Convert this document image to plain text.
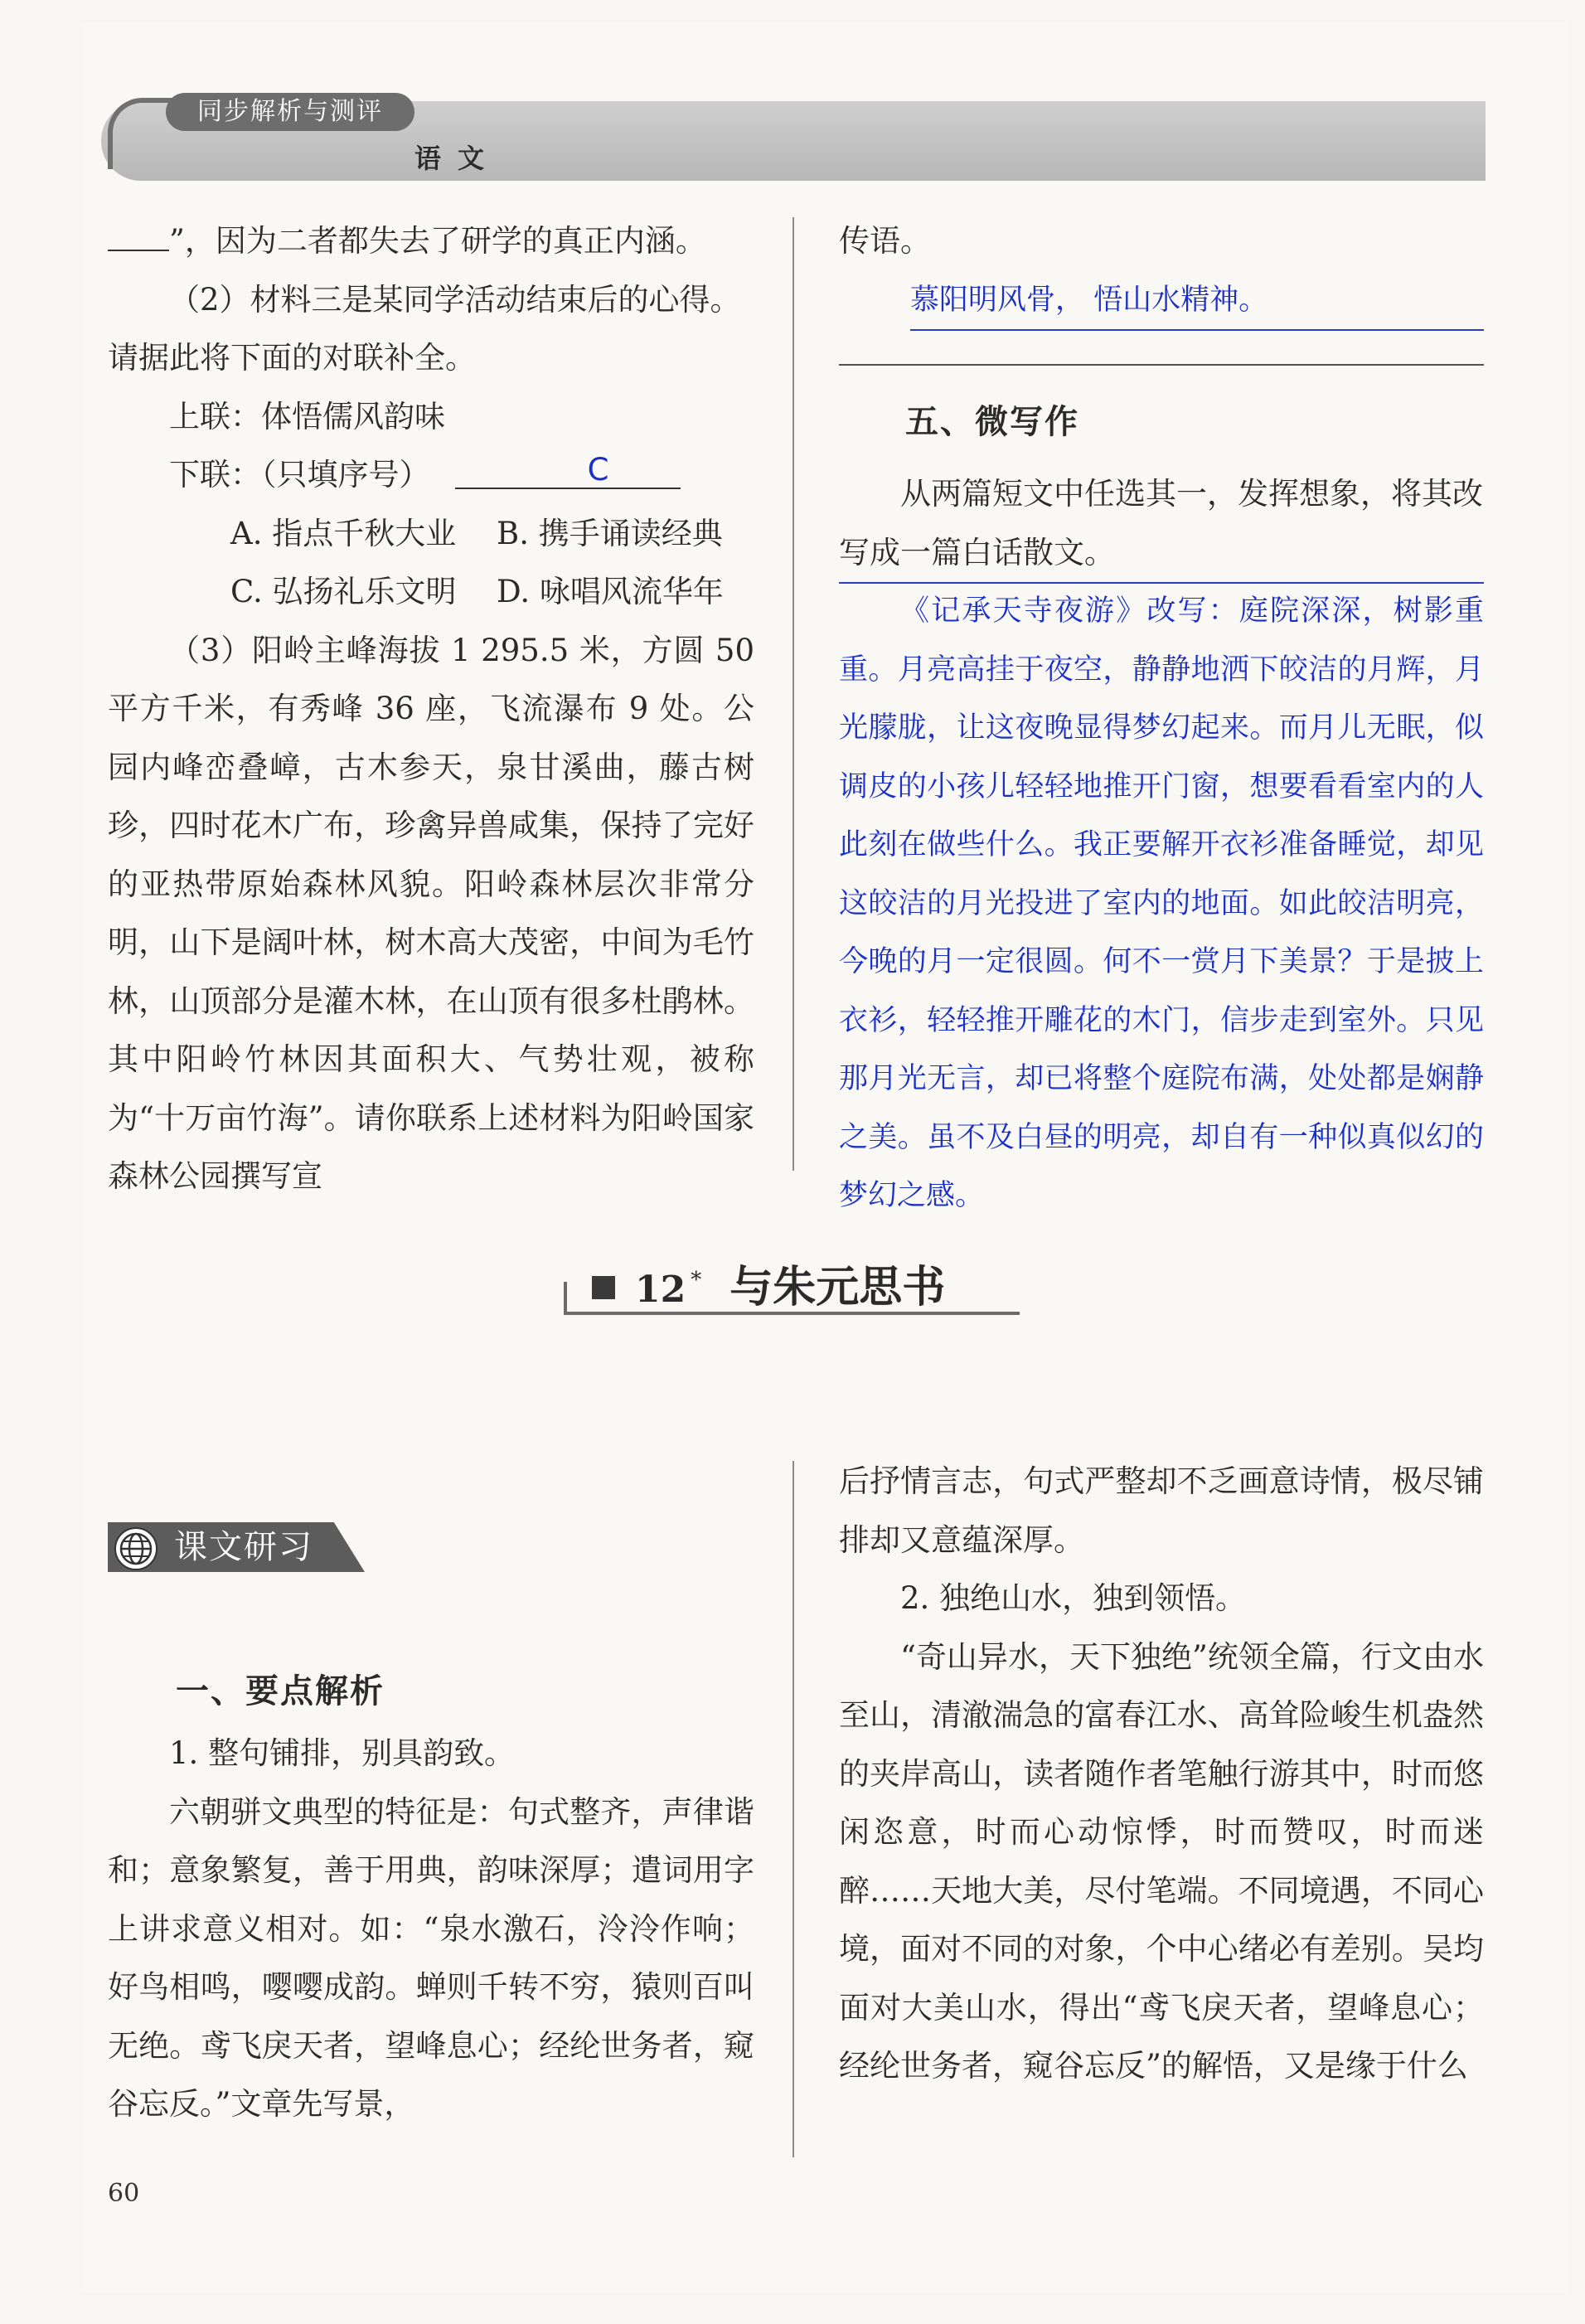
同步解析与测评
语文

”，因为二者都失去了研学的真正内涵。

（2）材料三是某同学活动结束后的心得。请据此将下面的对联补全。

上联：体悟儒风韵味

下联：（只填序号）	C

A. 指点千秋大业 B. 携手诵读经典

C. 弘扬礼乐文明 D. 咏唱风流华年

（3）阳岭主峰海拔 1 295.5 米，方圆 50 平方千米，有秀峰 36 座，飞流瀑布 9 处。公园内峰峦叠嶂，古木参天，泉甘溪曲，藤古树珍，四时花木广布，珍禽异兽咸集，保持了完好的亚热带原始森林风貌。阳岭森林层次非常分明，山下是阔叶林，树木高大茂密，中间为毛竹林，山顶部分是灌木林，在山顶有很多杜鹃林。其中阳岭竹林因其面积大、气势壮观，被称为“十万亩竹海”。请你联系上述材料为阳岭国家森林公园撰写宣

传语。

慕阳明风骨， 悟山水精神。

五、微写作

从两篇短文中任选其一，发挥想象，将其改写成一篇白话散文。

《记承天寺夜游》改写：庭院深深，树影重重。月亮高挂于夜空，静静地洒下皎洁的月辉，月光朦胧，让这夜晚显得梦幻起来。而月儿无眠，似调皮的小孩儿轻轻地推开门窗，想要看看室内的人此刻在做些什么。我正要解开衣衫准备睡觉，却见这皎洁的月光投进了室内的地面。如此皎洁明亮，今晚的月一定很圆。何不一赏月下美景？于是披上衣衫，轻轻推开雕花的木门，信步走到室外。只见那月光无言，却已将整个庭院布满，处处都是娴静之美。虽不及白昼的明亮，却自有一种似真似幻的梦幻之感。

12 * 与朱元思书
课文研习

一、要点解析

1. 整句铺排，别具韵致。

六朝骈文典型的特征是：句式整齐，声律谐和；意象繁复，善于用典，韵味深厚；遣词用字上讲求意义相对。如：“泉水激石，泠泠作响；好鸟相鸣，嘤嘤成韵。蝉则千转不穷，猿则百叫无绝。鸢飞戾天者，望峰息心；经纶世务者，窥谷忘反。”文章先写景，

后抒情言志，句式严整却不乏画意诗情，极尽铺排却又意蕴深厚。

2. 独绝山水，独到领悟。

“奇山异水，天下独绝”统领全篇，行文由水至山，清澈湍急的富春江水、高耸险峻生机盎然的夹岸高山，读者随作者笔触行游其中，时而悠闲恣意，时而心动惊悸，时而赞叹，时而迷醉……天地大美，尽付笔端。不同境遇，不同心境，面对不同的对象，个中心绪必有差别。吴均面对大美山水，得出“鸢飞戾天者，望峰息心；经纶世务者，窥谷忘反”的解悟，又是缘于什么

60
